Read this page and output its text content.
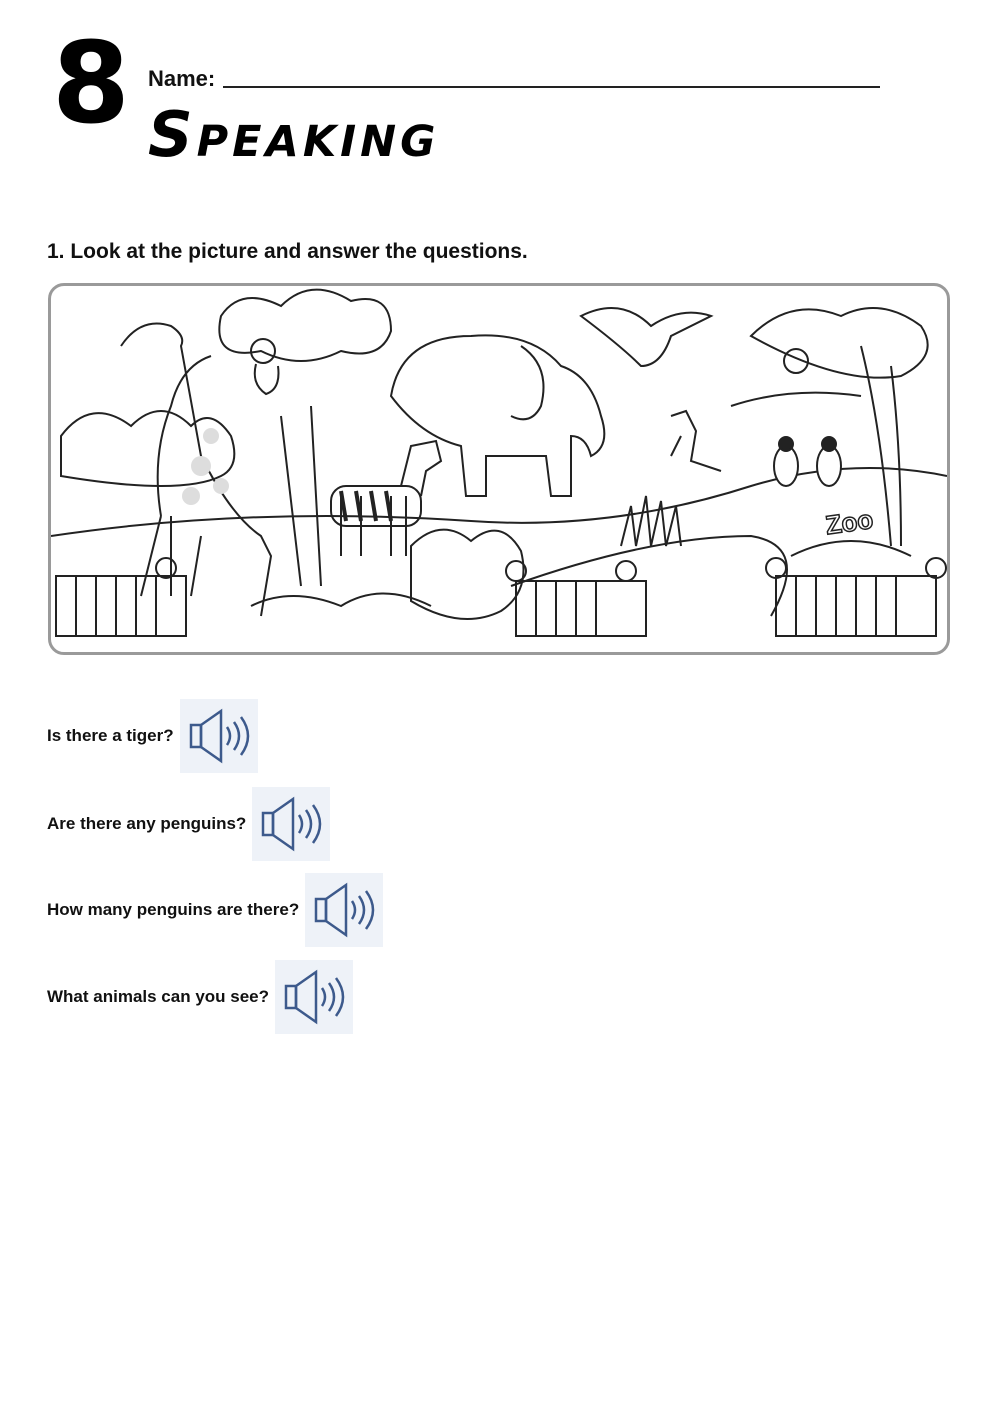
8 Name:
Speaking
1. Look at the picture and answer the questions.
Zoo
Is there a tiger?
Are there any penguins?
How many penguins are there?
What animals can you see?
